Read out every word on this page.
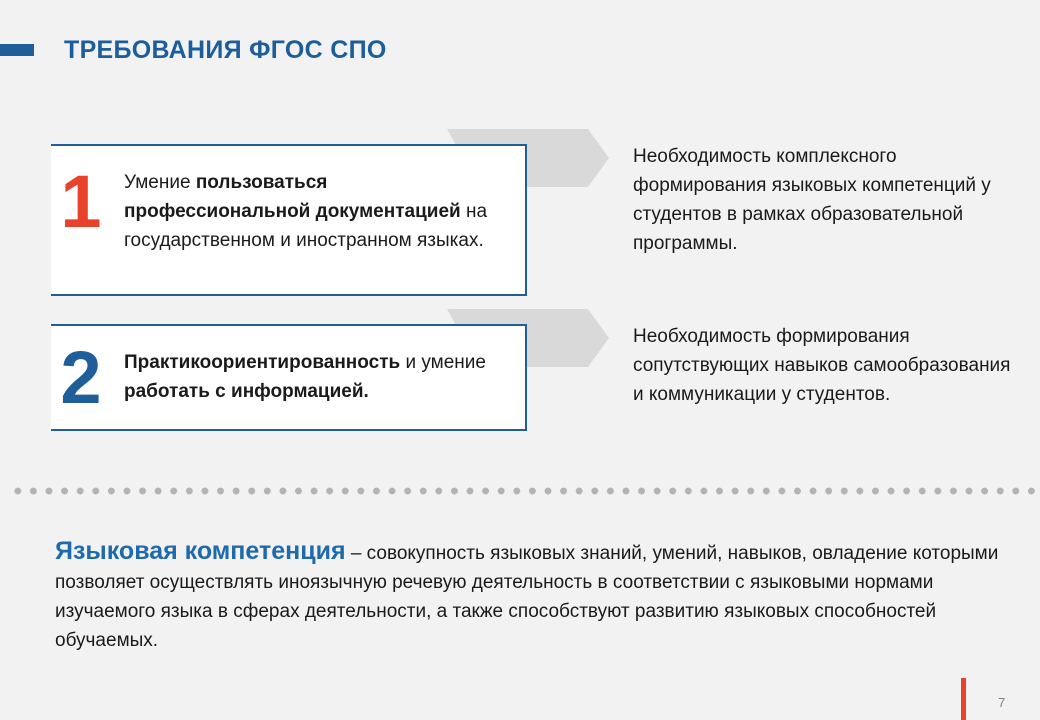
ТРЕБОВАНИЯ ФГОС СПО
1	Умение пользоваться профессиональной документацией на государственном и иностранном языках.
Необходимость комплексного формирования языковых компетенций у студентов в рамках образовательной программы.
2	Практикоориентированность и умение работать с информацией.
Необходимость формирования сопутствующих навыков самообразования и коммуникации у студентов.
Языковая компетенция – совокупность языковых знаний, умений, навыков, овладение которыми позволяет осуществлять иноязычную речевую деятельность в соответствии с языковыми нормами изучаемого языка в сферах деятельности, а также способствуют развитию языковых способностей обучаемых.
7
